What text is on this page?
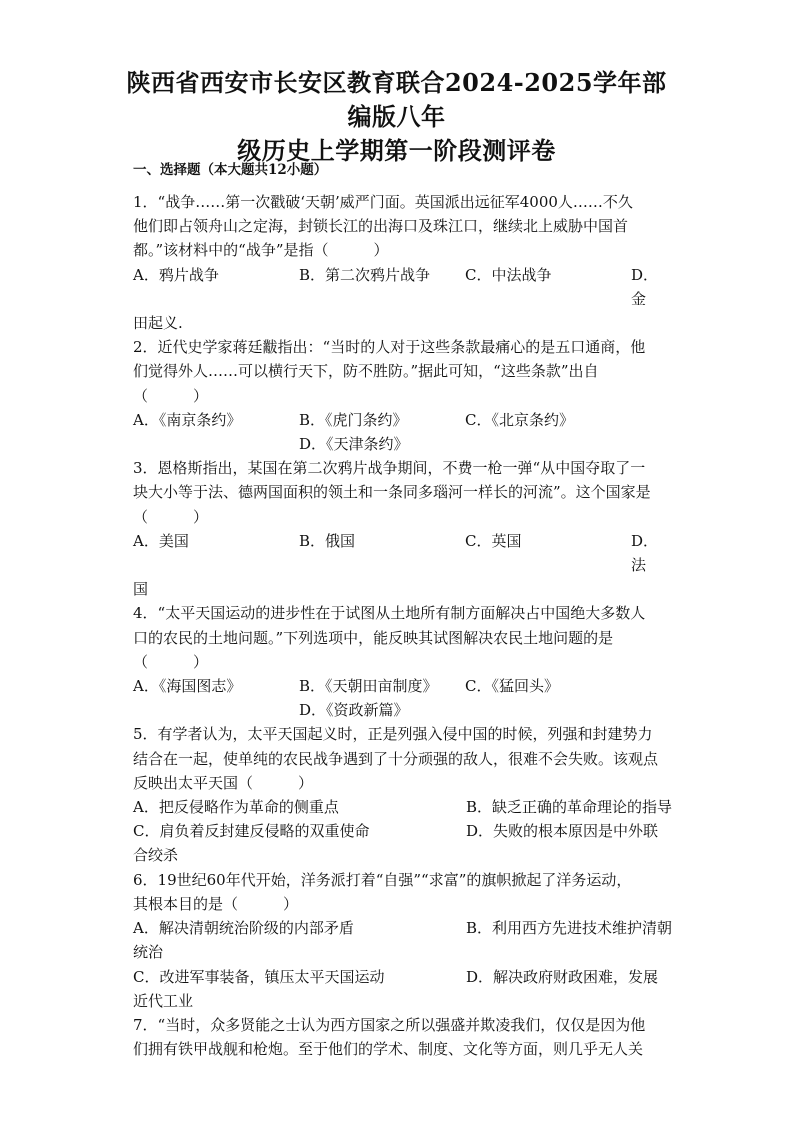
陕西省西安市长安区教育联合2024-2025学年部编版八年
级历史上学期第一阶段测评卷
一、选择题（本大题共12小题）
1．“战争……第一次戳破‘天朝’威严门面。英国派出远征军4000人……不久
他们即占领舟山之定海，封锁长江的出海口及珠江口，继续北上威胁中国首
都。”该材料中的“战争”是指（　　　）
A．鸦片战争	B．第二次鸦片战争	C．中法战争	D．金
田起义.
2．近代史学家蒋廷黻指出：“当时的人对于这些条款最痛心的是五口通商，他
们觉得外人……可以横行天下，防不胜防。”据此可知，“这些条款”出自
（　　　）
A．《南京条约》	B．《虎门条约》	C．《北京条约》
D．《天津条约》
3．恩格斯指出，某国在第二次鸦片战争期间，不费一枪一弹“从中国夺取了一
块大小等于法、德两国面积的领土和一条同多瑙河一样长的河流”。这个国家是
（　　　）
A．美国	B．俄国	C．英国	D．法
国
4．“太平天国运动的进步性在于试图从土地所有制方面解决占中国绝大多数人
口的农民的土地问题。”下列选项中，能反映其试图解决农民土地问题的是
（　　　）
A．《海国图志》	B．《天朝田亩制度》	C．《猛回头》
D．《资政新篇》
5．有学者认为，太平天国起义时，正是列强入侵中国的时候，列强和封建势力
结合在一起，使单纯的农民战争遇到了十分顽强的敌人，很难不会失败。该观点
反映出太平天国（　　　）
A．把反侵略作为革命的侧重点	B．缺乏正确的革命理论的指导
C．肩负着反封建反侵略的双重使命	D．失败的根本原因是中外联
合绞杀
6．19世纪60年代开始，洋务派打着“自强”“求富”的旗帜掀起了洋务运动，
其根本目的是（　　　）
A．解决清朝统治阶级的内部矛盾	B．利用西方先进技术维护清朝
统治
C．改进军事装备，镇压太平天国运动	D．解决政府财政困难，发展
近代工业
7．“当时，众多贤能之士认为西方国家之所以强盛并欺凌我们，仅仅是因为他
们拥有铁甲战舰和枪炮。至于他们的学术、制度、文化等方面，则几乎无人关
